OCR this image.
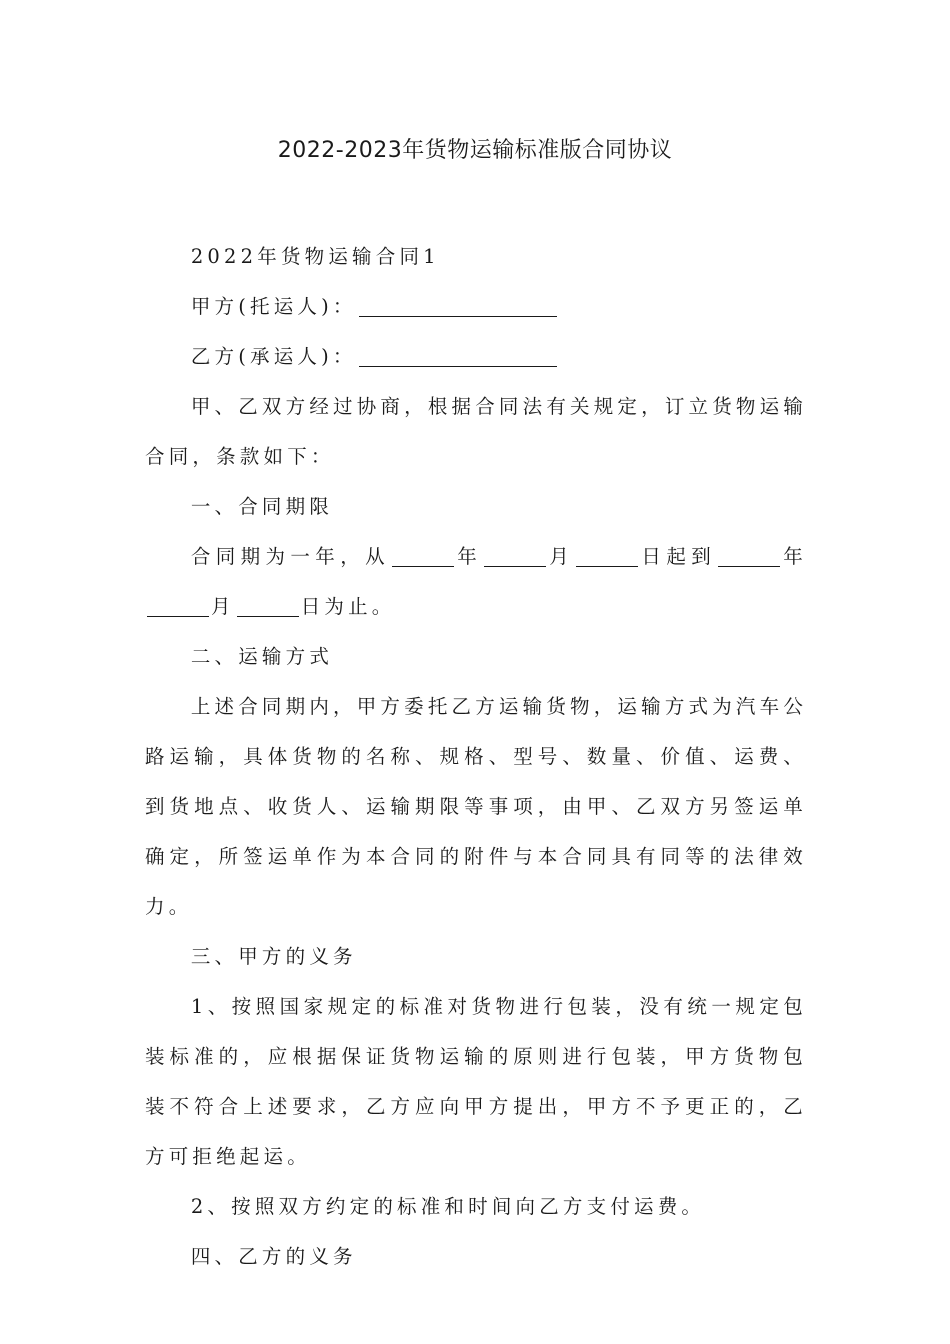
2022-2023年货物运输标准版合同协议

2022年货物运输合同1

甲方(托运人)：

乙方(承运人)：

甲、乙双方经过协商，根据合同法有关规定，订立货物运输合同，条款如下：

一、合同期限

合同期为一年，从	年	月	日起到	年月	日为止。

二、运输方式

上述合同期内，甲方委托乙方运输货物，运输方式为汽车公路运输，具体货物的名称、规格、型号、数量、价值、运费、到货地点、收货人、运输期限等事项，由甲、乙双方另签运单确定，所签运单作为本合同的附件与本合同具有同等的法律效力。

三、甲方的义务

1、按照国家规定的标准对货物进行包装，没有统一规定包装标准的，应根据保证货物运输的原则进行包装，甲方货物包装不符合上述要求，乙方应向甲方提出，甲方不予更正的，乙方可拒绝起运。

2、按照双方约定的标准和时间向乙方支付运费。

四、乙方的义务
